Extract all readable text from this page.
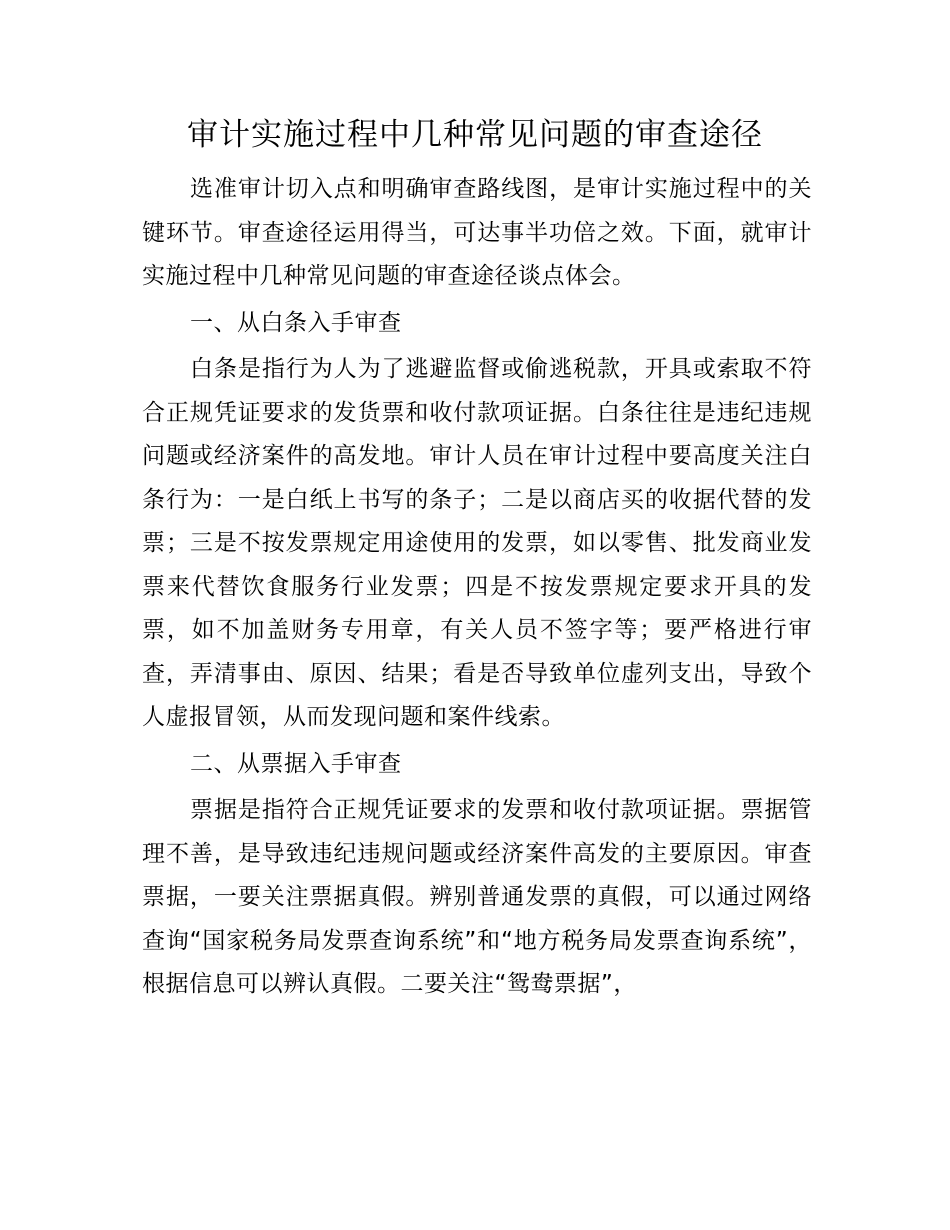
审计实施过程中几种常见问题的审查途径

选准审计切入点和明确审查路线图，是审计实施过程中的关键环节。审查途径运用得当，可达事半功倍之效。下面，就审计实施过程中几种常见问题的审查途径谈点体会。

一、从白条入手审查

白条是指行为人为了逃避监督或偷逃税款，开具或索取不符合正规凭证要求的发货票和收付款项证据。白条往往是违纪违规问题或经济案件的高发地。审计人员在审计过程中要高度关注白条行为：一是白纸上书写的条子；二是以商店买的收据代替的发票；三是不按发票规定用途使用的发票，如以零售、批发商业发票来代替饮食服务行业发票；四是不按发票规定要求开具的发票，如不加盖财务专用章，有关人员不签字等；要严格进行审查，弄清事由、原因、结果；看是否导致单位虚列支出，导致个人虚报冒领，从而发现问题和案件线索。

二、从票据入手审查

票据是指符合正规凭证要求的发票和收付款项证据。票据管理不善，是导致违纪违规问题或经济案件高发的主要原因。审查票据，一要关注票据真假。辨别普通发票的真假，可以通过网络查询“国家税务局发票查询系统”和“地方税务局发票查询系统”，根据信息可以辨认真假。二要关注“鸳鸯票据”，
